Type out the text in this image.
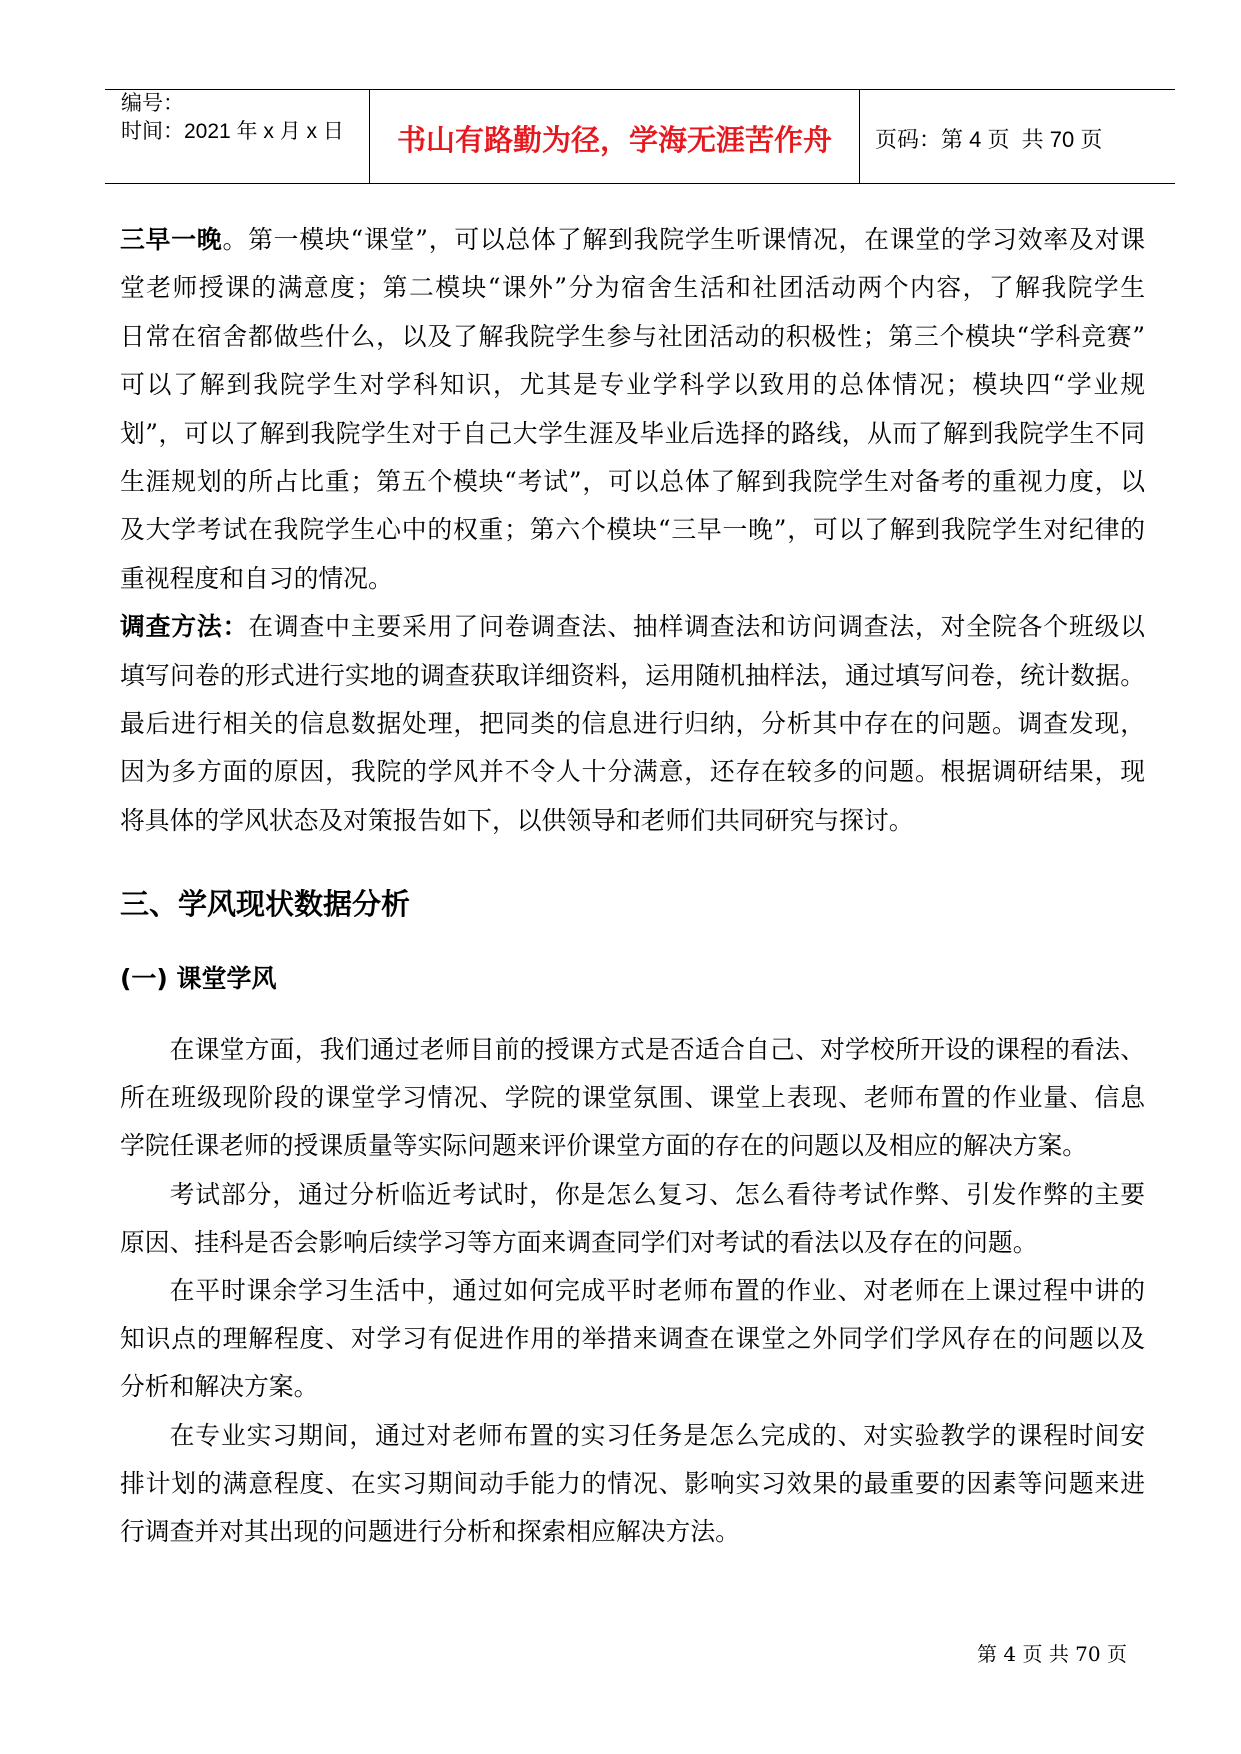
编号：
时间：2021 年 x 月 x 日	书山有路勤为径，学海无涯苦作舟 页码：第 4 页  共 70 页
三早一晚。第一模块“课堂”，可以总体了解到我院学生听课情况，在课堂的学习效率及对课
堂老师授课的满意度；第二模块“课外”分为宿舍生活和社团活动两个内容，了解我院学生
日常在宿舍都做些什么，以及了解我院学生参与社团活动的积极性；第三个模块“学科竞赛”
可以了解到我院学生对学科知识，尤其是专业学科学以致用的总体情况；模块四“学业规
划”，可以了解到我院学生对于自己大学生涯及毕业后选择的路线，从而了解到我院学生不同
生涯规划的所占比重；第五个模块“考试”，可以总体了解到我院学生对备考的重视力度，以
及大学考试在我院学生心中的权重；第六个模块“三早一晚”，可以了解到我院学生对纪律的
重视程度和自习的情况。
调查方法：在调查中主要采用了问卷调查法、抽样调查法和访问调查法，对全院各个班级以
填写问卷的形式进行实地的调查获取详细资料，运用随机抽样法，通过填写问卷，统计数据。
最后进行相关的信息数据处理，把同类的信息进行归纳，分析其中存在的问题。调查发现，
因为多方面的原因，我院的学风并不令人十分满意，还存在较多的问题。根据调研结果，现
将具体的学风状态及对策报告如下，以供领导和老师们共同研究与探讨。
三、学风现状数据分析
(一) 课堂学风
在课堂方面，我们通过老师目前的授课方式是否适合自己、对学校所开设的课程的看法、
所在班级现阶段的课堂学习情况、学院的课堂氛围、课堂上表现、老师布置的作业量、信息
学院任课老师的授课质量等实际问题来评价课堂方面的存在的问题以及相应的解决方案。
考试部分，通过分析临近考试时，你是怎么复习、怎么看待考试作弊、引发作弊的主要
原因、挂科是否会影响后续学习等方面来调查同学们对考试的看法以及存在的问题。
在平时课余学习生活中，通过如何完成平时老师布置的作业、对老师在上课过程中讲的
知识点的理解程度、对学习有促进作用的举措来调查在课堂之外同学们学风存在的问题以及
分析和解决方案。
在专业实习期间，通过对老师布置的实习任务是怎么完成的、对实验教学的课程时间安
排计划的满意程度、在实习期间动手能力的情况、影响实习效果的最重要的因素等问题来进
行调查并对其出现的问题进行分析和探索相应解决方法。
第 4 页 共 70 页
